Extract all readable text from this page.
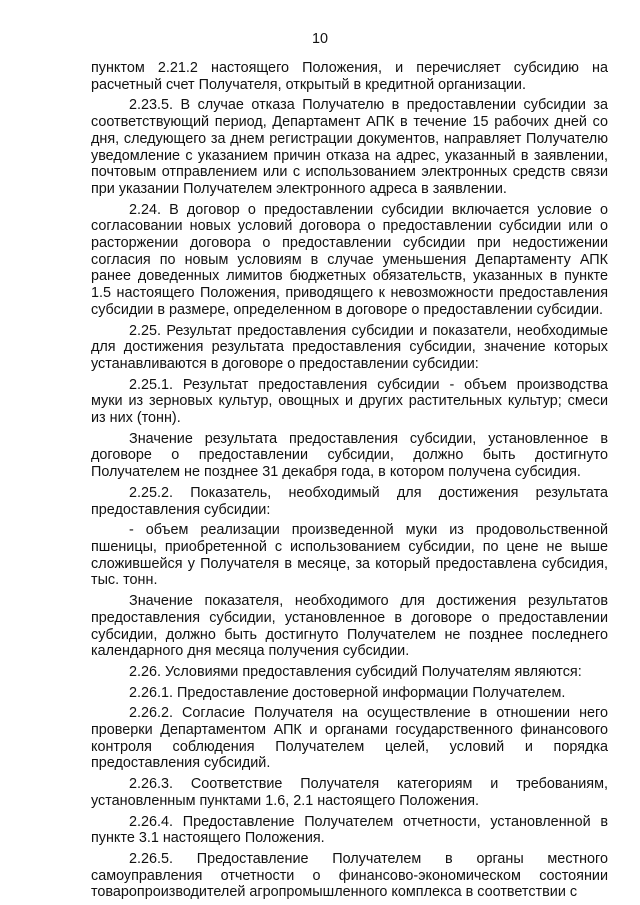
10

пунктом 2.21.2 настоящего Положения, и перечисляет субсидию на расчетный счет Получателя, открытый в кредитной организации.

2.23.5. В случае отказа Получателю в предоставлении субсидии за соответствующий период, Департамент АПК в течение 15 рабочих дней со дня, следующего за днем регистрации документов, направляет Получателю уведомление с указанием причин отказа на адрес, указанный в заявлении, почтовым отправлением или с использованием электронных средств связи при указании Получателем электронного адреса в заявлении.

2.24. В договор о предоставлении субсидии включается условие о согласовании новых условий договора о предоставлении субсидии или о расторжении договора о предоставлении субсидии при недостижении согласия по новым условиям в случае уменьшения Департаменту АПК ранее доведенных лимитов бюджетных обязательств, указанных в пункте 1.5 настоящего Положения, приводящего к невозможности предоставления субсидии в размере, определенном в договоре о предоставлении субсидии.

2.25. Результат предоставления субсидии и показатели, необходимые для достижения результата предоставления субсидии, значение которых устанавливаются в договоре о предоставлении субсидии:

2.25.1. Результат предоставления субсидии - объем производства муки из зерновых культур, овощных и других растительных культур; смеси из них (тонн).

Значение результата предоставления субсидии, установленное в договоре о предоставлении субсидии, должно быть достигнуто Получателем не позднее 31 декабря года, в котором получена субсидия.

2.25.2. Показатель, необходимый для достижения результата предоставления субсидии:

- объем реализации произведенной муки из продовольственной пшеницы, приобретенной с использованием субсидии, по цене не выше сложившейся у Получателя в месяце, за который предоставлена субсидия, тыс. тонн.

Значение показателя, необходимого для достижения результатов предоставления субсидии, установленное в договоре о предоставлении субсидии, должно быть достигнуто Получателем не позднее последнего календарного дня месяца получения субсидии.

2.26. Условиями предоставления субсидий Получателям являются:

2.26.1. Предоставление достоверной информации Получателем.

2.26.2. Согласие Получателя на осуществление в отношении него проверки Департаментом АПК и органами государственного финансового контроля соблюдения Получателем целей, условий и порядка предоставления субсидий.

2.26.3. Соответствие Получателя категориям и требованиям, установленным пунктами 1.6, 2.1 настоящего Положения.

2.26.4. Предоставление Получателем отчетности, установленной в пункте 3.1 настоящего Положения.

2.26.5. Предоставление Получателем в органы местного самоуправления отчетности о финансово-экономическом состоянии товаропроизводителей агропромышленного комплекса в соответствии с
